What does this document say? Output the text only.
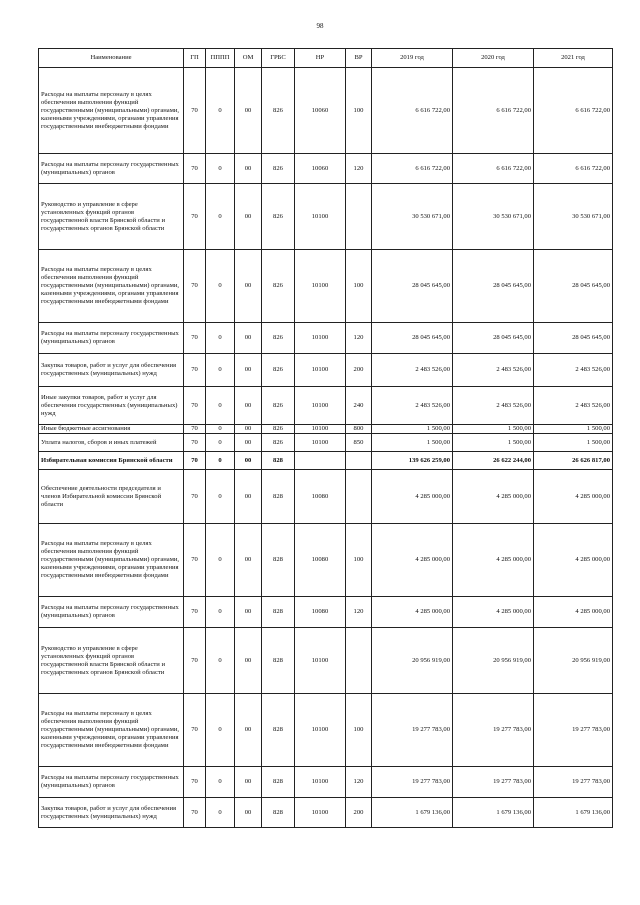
98
Наименование	ГП	ПППП	ОМ	ГРБС	НР	ВР	2019 год	2020 год	2021 год
Расходы на выплаты персоналу в целях обеспечения выполнения функций государственными (муниципальными) органами, казенными учреждениями, органами управления государственными внебюджетными фондами	70	0	00	826	10060	100	6 616 722,00	6 616 722,00	6 616 722,00
Расходы на выплаты персоналу государственных (муниципальных) органов	70	0	00	826	10060	120	6 616 722,00	6 616 722,00	6 616 722,00
Руководство и управление в сфере установленных функций органов государственной власти Брянской области и государственных органов Брянской области	70	0	00	826	10100		30 530 671,00	30 530 671,00	30 530 671,00
Расходы на выплаты персоналу в целях обеспечения выполнения функций государственными (муниципальными) органами, казенными учреждениями, органами управления государственными внебюджетными фондами	70	0	00	826	10100	100	28 045 645,00	28 045 645,00	28 045 645,00
Расходы на выплаты персоналу государственных (муниципальных) органов	70	0	00	826	10100	120	28 045 645,00	28 045 645,00	28 045 645,00
Закупка товаров, работ и услуг для обеспечения государственных (муниципальных) нужд	70	0	00	826	10100	200	2 483 526,00	2 483 526,00	2 483 526,00
Иные закупки товаров, работ и услуг для обеспечения государственных (муниципальных) нужд	70	0	00	826	10100	240	2 483 526,00	2 483 526,00	2 483 526,00
Иные бюджетные ассигнования	70	0	00	826	10100	800	1 500,00	1 500,00	1 500,00
Уплата налогов, сборов и иных платежей	70	0	00	826	10100	850	1 500,00	1 500,00	1 500,00
Избирательная комиссия Брянской области	70	0	00	828			139 626 259,00	26 622 244,00	26 626 817,00
Обеспечение деятельности председателя и членов Избирательной комиссии Брянской области	70	0	00	828	10080		4 285 000,00	4 285 000,00	4 285 000,00
Расходы на выплаты персоналу в целях обеспечения выполнения функций государственными (муниципальными) органами, казенными учреждениями, органами управления государственными внебюджетными фондами	70	0	00	828	10080	100	4 285 000,00	4 285 000,00	4 285 000,00
Расходы на выплаты персоналу государственных (муниципальных) органов	70	0	00	828	10080	120	4 285 000,00	4 285 000,00	4 285 000,00
Руководство и управление в сфере установленных функций органов государственной власти Брянской области и государственных органов Брянской области	70	0	00	828	10100		20 956 919,00	20 956 919,00	20 956 919,00
Расходы на выплаты персоналу в целях обеспечения выполнения функций государственными (муниципальными) органами, казенными учреждениями, органами управления государственными внебюджетными фондами	70	0	00	828	10100	100	19 277 783,00	19 277 783,00	19 277 783,00
Расходы на выплаты персоналу государственных (муниципальных) органов	70	0	00	828	10100	120	19 277 783,00	19 277 783,00	19 277 783,00
Закупка товаров, работ и услуг для обеспечения государственных (муниципальных) нужд	70	0	00	828	10100	200	1 679 136,00	1 679 136,00	1 679 136,00
